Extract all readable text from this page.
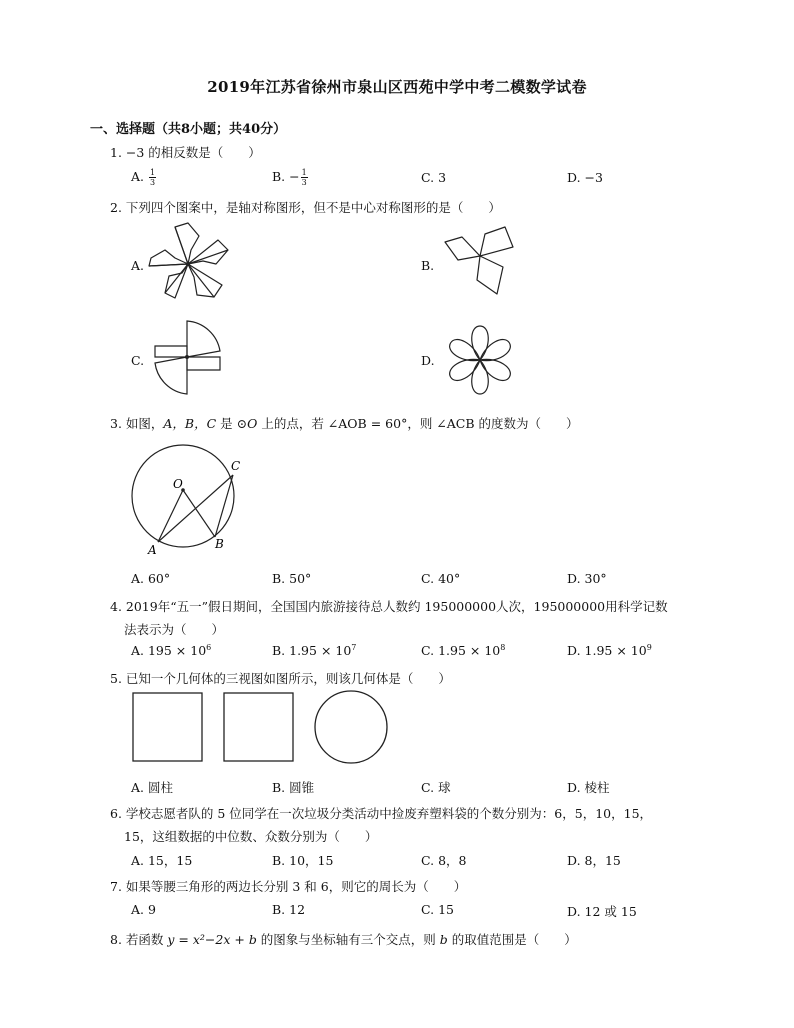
2019年江苏省徐州市泉山区西苑中学中考二模数学试卷
一、选择题（共8小题；共40分）
1. −3 的相反数是（　　）
A. $\frac{1}{3}$	B. − $\frac{1}{3}$	C. 3	D. −3
2. 下列四个图案中，是轴对称图形，但不是中心对称图形的是（　　）
A.	B.
C.	D.
3. 如图，A，B，C 是 ⊙O 上的点，若 ∠AOB = 60°，则 ∠ACB 的度数为（　　）
O
A	B
C
A. 60°	B. 50°	C. 40°	D. 30°
4. 2019年“五一”假日期间，全国国内旅游接待总人数约 195000000人次，195000000用科学记数
法表示为（　　）
A. $195 \times 10^6$	B. $1.95 \times 10^7$	C. $1.95 \times 10^8$	D. $1.95 \times 10^9$
5. 已知一个几何体的三视图如图所示，则该几何体是（　　）
A. 圆柱	B. 圆锥	C. 球	D. 棱柱
6. 学校志愿者队的 5 位同学在一次垃圾分类活动中捡废弃塑料袋的个数分别为：6，5，10，15，
15，这组数据的中位数、众数分别为（　　）
A. 15，15	B. 10，15	C. 8，8	D. 8，15
7. 如果等腰三角形的两边长分别 3 和 6，则它的周长为（　　）
A. 9	B. 12	C. 15	D. 12 或 15
8. 若函数 y = x²−2x + b 的图象与坐标轴有三个交点，则 b 的取值范围是（　　）
